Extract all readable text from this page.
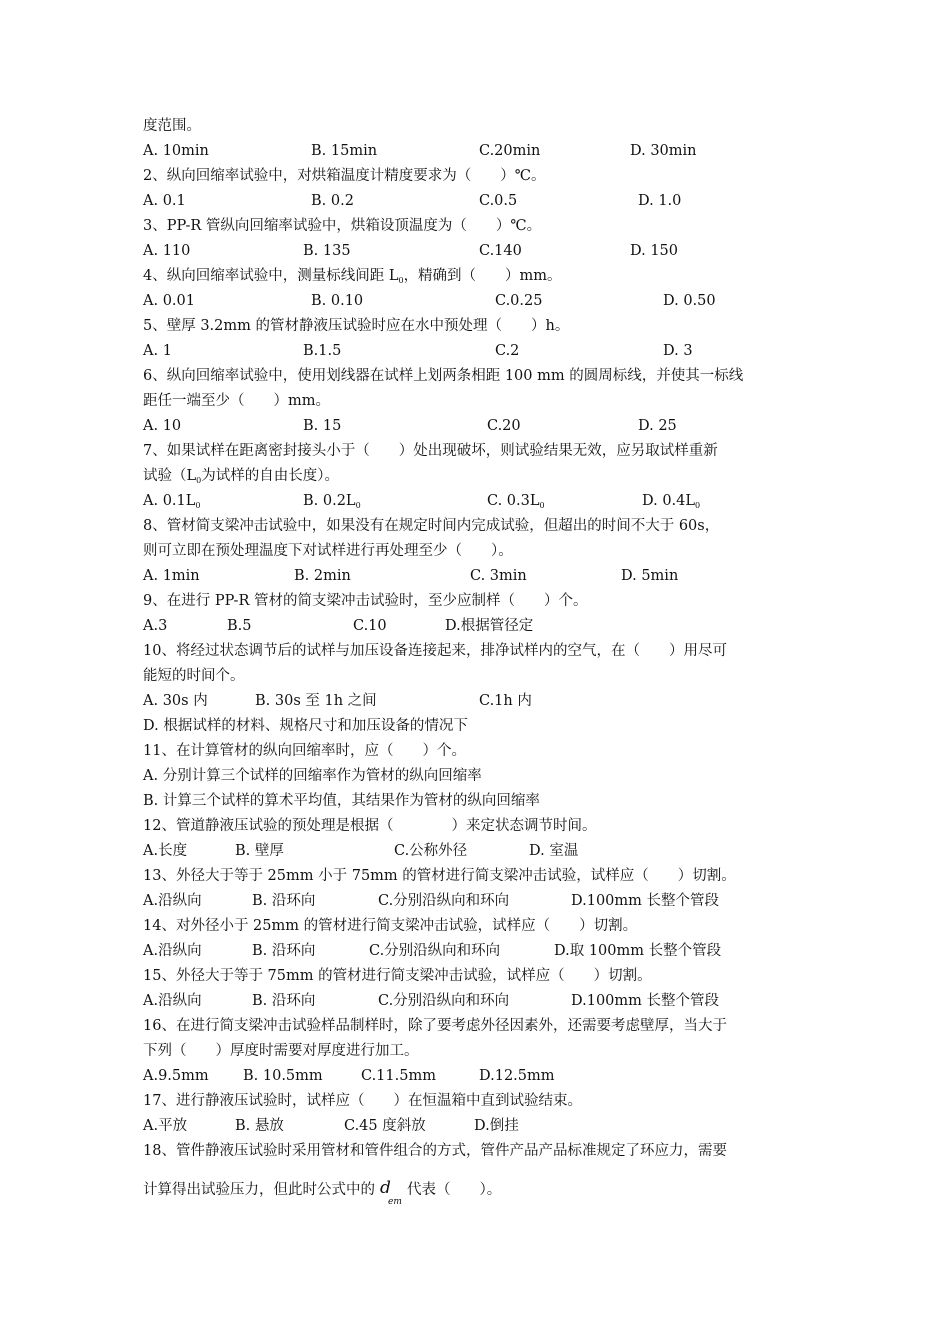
度范围。
A. 10min	B. 15min	C.20min	D. 30min
2、纵向回缩率试验中，对烘箱温度计精度要求为（　　）℃。
A. 0.1	B. 0.2	C.0.5	D. 1.0
3、PP-R 管纵向回缩率试验中，烘箱设顶温度为（　　）℃。
A. 110	B. 135	C.140	D. 150
4、纵向回缩率试验中，测量标线间距 $L_0$，精确到（　　）mm。
A. 0.01	B. 0.10	C.0.25	D. 0.50
5、壁厚 3.2mm 的管材静液压试验时应在水中预处理（　　）h。
A. 1	B.1.5	C.2	D. 3
6、纵向回缩率试验中，使用划线器在试样上划两条相距 100 mm 的圆周标线，并使其一标线
距任一端至少（　　）mm。
A. 10	B. 15	C.20	D. 25
7、如果试样在距离密封接头小于（　　）处出现破坏，则试验结果无效，应另取试样重新
试验（$L_0$为试样的自由长度）。
A. $0.1L_0$	B. $0.2L_0$	C. $0.3L_0$	D. $0.4L_0$
8、管材简支梁冲击试验中，如果没有在规定时间内完成试验，但超出的时间不大于 60s，
则可立即在预处理温度下对试样进行再处理至少（　　）。
A. 1min	B. 2min	C. 3min	D. 5min
9、在进行 PP-R 管材的简支梁冲击试验时，至少应制样（　　）个。
A.3	B.5	C.10	D.根据管径定
10、将经过状态调节后的试样与加压设备连接起来，排净试样内的空气，在（　　）用尽可
能短的时间个。
A. 30s 内	B. 30s 至 1h 之间	C.1h 内
D. 根据试样的材料、规格尺寸和加压设备的情况下
11、在计算管材的纵向回缩率时，应（　　）个。
A. 分别计算三个试样的回缩率作为管材的纵向回缩率
B. 计算三个试样的算术平均值，其结果作为管材的纵向回缩率
12、管道静液压试验的预处理是根据（　　　　）来定状态调节时间。
A.长度	B. 壁厚	C.公称外径	D. 室温
13、外径大于等于 25mm 小于 75mm 的管材进行简支梁冲击试验，试样应（　　）切割。
A.沿纵向	B. 沿环向	C.分别沿纵向和环向	D.100mm 长整个管段
14、对外径小于 25mm 的管材进行简支梁冲击试验，试样应（　　）切割。
A.沿纵向	B. 沿环向	C.分别沿纵向和环向	D.取 100mm 长整个管段
15、外径大于等于 75mm 的管材进行简支梁冲击试验，试样应（　　）切割。
A.沿纵向	B. 沿环向	C.分别沿纵向和环向	D.100mm 长整个管段
16、在进行简支梁冲击试验样品制样时，除了要考虑外径因素外，还需要考虑壁厚，当大于
下列（　　）厚度时需要对厚度进行加工。
A.9.5mm B. 10.5mm	C.11.5mm	D.12.5mm
17、进行静液压试验时，试样应（　　）在恒温箱中直到试验结束。
A.平放	B. 悬放	C.45 度斜放	D.倒挂
18、管件静液压试验时采用管材和管件组合的方式，管件产品产品标准规定了环应力，需要
计算得出试验压力，但此时公式中的 d
em
代表（　　）。
